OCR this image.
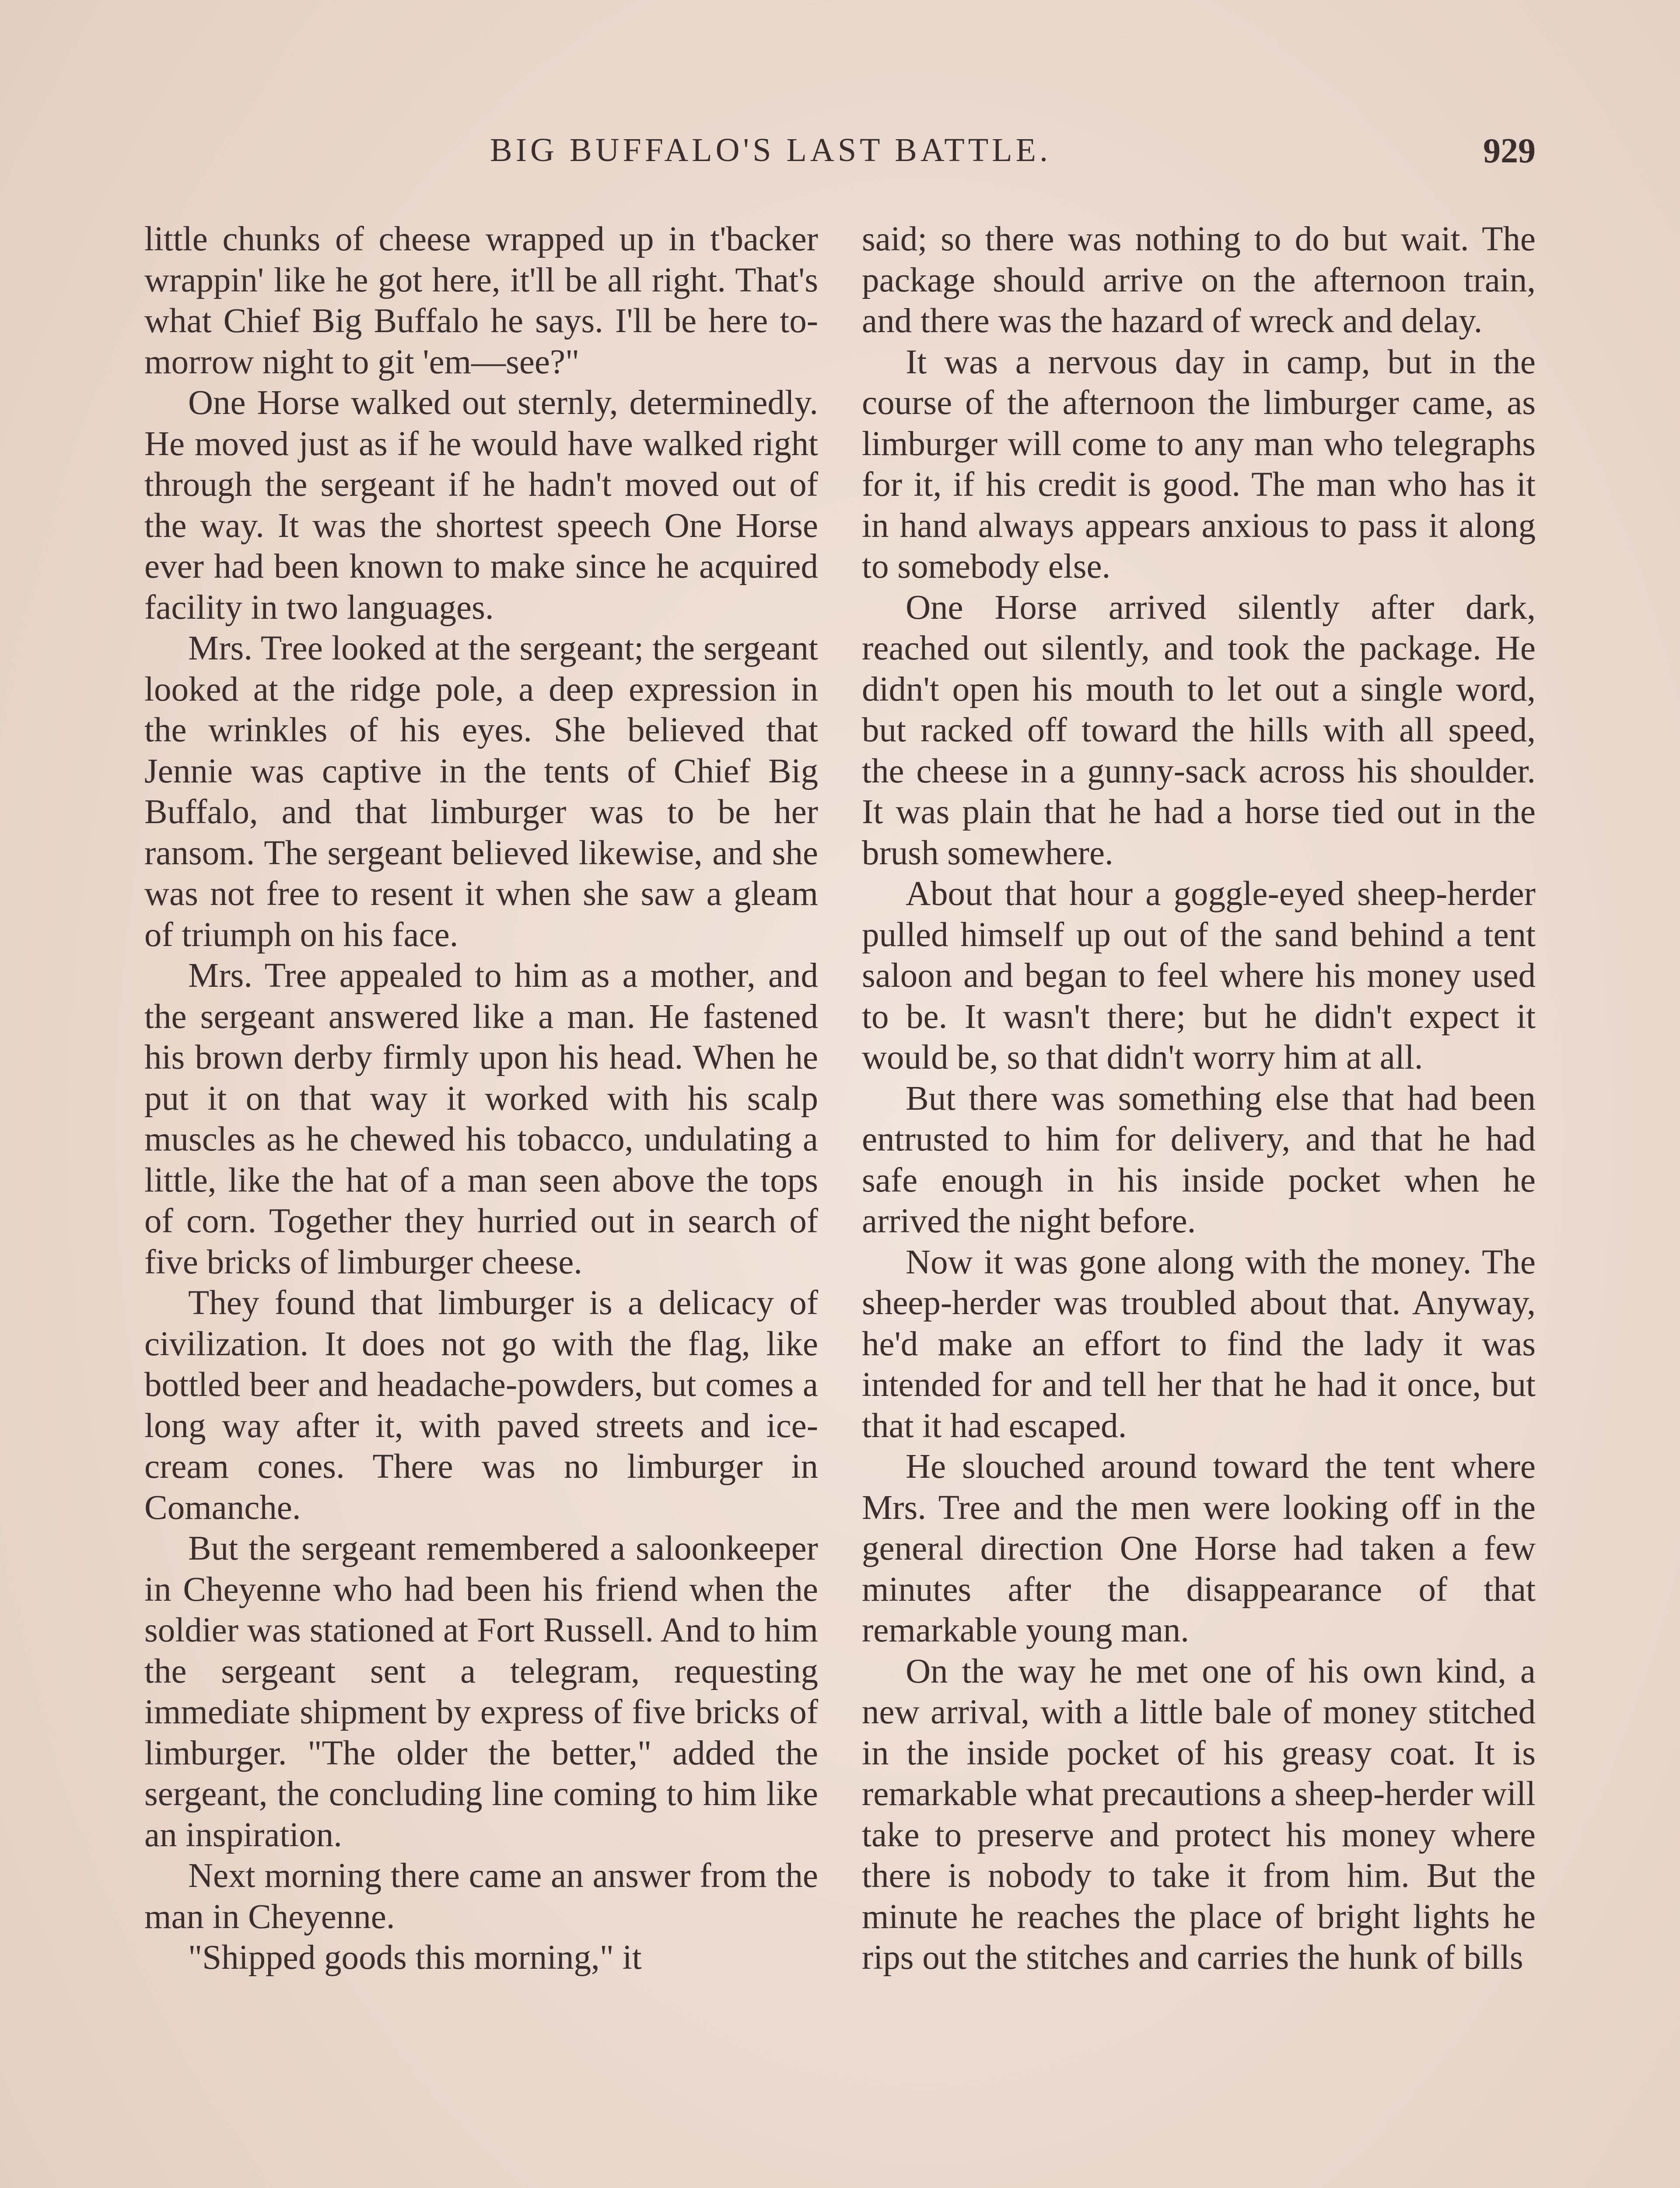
BIG BUFFALO'S LAST BATTLE.	929

little chunks of cheese wrapped up in t'backer wrappin' like he got here, it'll be all right. That's what Chief Big Buffalo he says. I'll be here to-morrow night to git 'em—see?"

One Horse walked out sternly, determinedly. He moved just as if he would have walked right through the sergeant if he hadn't moved out of the way. It was the shortest speech One Horse ever had been known to make since he acquired facility in two languages.

Mrs. Tree looked at the sergeant; the sergeant looked at the ridge pole, a deep expression in the wrinkles of his eyes. She believed that Jennie was captive in the tents of Chief Big Buffalo, and that limburger was to be her ransom. The sergeant believed likewise, and she was not free to resent it when she saw a gleam of triumph on his face.

Mrs. Tree appealed to him as a mother, and the sergeant answered like a man. He fastened his brown derby firmly upon his head. When he put it on that way it worked with his scalp muscles as he chewed his tobacco, undulating a little, like the hat of a man seen above the tops of corn. Together they hurried out in search of five bricks of limburger cheese.

They found that limburger is a delicacy of civilization. It does not go with the flag, like bottled beer and headache-powders, but comes a long way after it, with paved streets and ice-cream cones. There was no limburger in Comanche.

But the sergeant remembered a saloonkeeper in Cheyenne who had been his friend when the soldier was stationed at Fort Russell. And to him the sergeant sent a telegram, requesting immediate shipment by express of five bricks of limburger. "The older the better," added the sergeant, the concluding line coming to him like an inspiration.

Next morning there came an answer from the man in Cheyenne.

"Shipped goods this morning," it

said; so there was nothing to do but wait. The package should arrive on the afternoon train, and there was the hazard of wreck and delay.

It was a nervous day in camp, but in the course of the afternoon the limburger came, as limburger will come to any man who telegraphs for it, if his credit is good. The man who has it in hand always appears anxious to pass it along to somebody else.

One Horse arrived silently after dark, reached out silently, and took the package. He didn't open his mouth to let out a single word, but racked off toward the hills with all speed, the cheese in a gunny-sack across his shoulder. It was plain that he had a horse tied out in the brush somewhere.

About that hour a goggle-eyed sheep-herder pulled himself up out of the sand behind a tent saloon and began to feel where his money used to be. It wasn't there; but he didn't expect it would be, so that didn't worry him at all.

But there was something else that had been entrusted to him for delivery, and that he had safe enough in his inside pocket when he arrived the night before.

Now it was gone along with the money. The sheep-herder was troubled about that. Anyway, he'd make an effort to find the lady it was intended for and tell her that he had it once, but that it had escaped.

He slouched around toward the tent where Mrs. Tree and the men were looking off in the general direction One Horse had taken a few minutes after the disappearance of that remarkable young man.

On the way he met one of his own kind, a new arrival, with a little bale of money stitched in the inside pocket of his greasy coat. It is remarkable what precautions a sheep-herder will take to preserve and protect his money where there is nobody to take it from him. But the minute he reaches the place of bright lights he rips out the stitches and carries the hunk of bills
